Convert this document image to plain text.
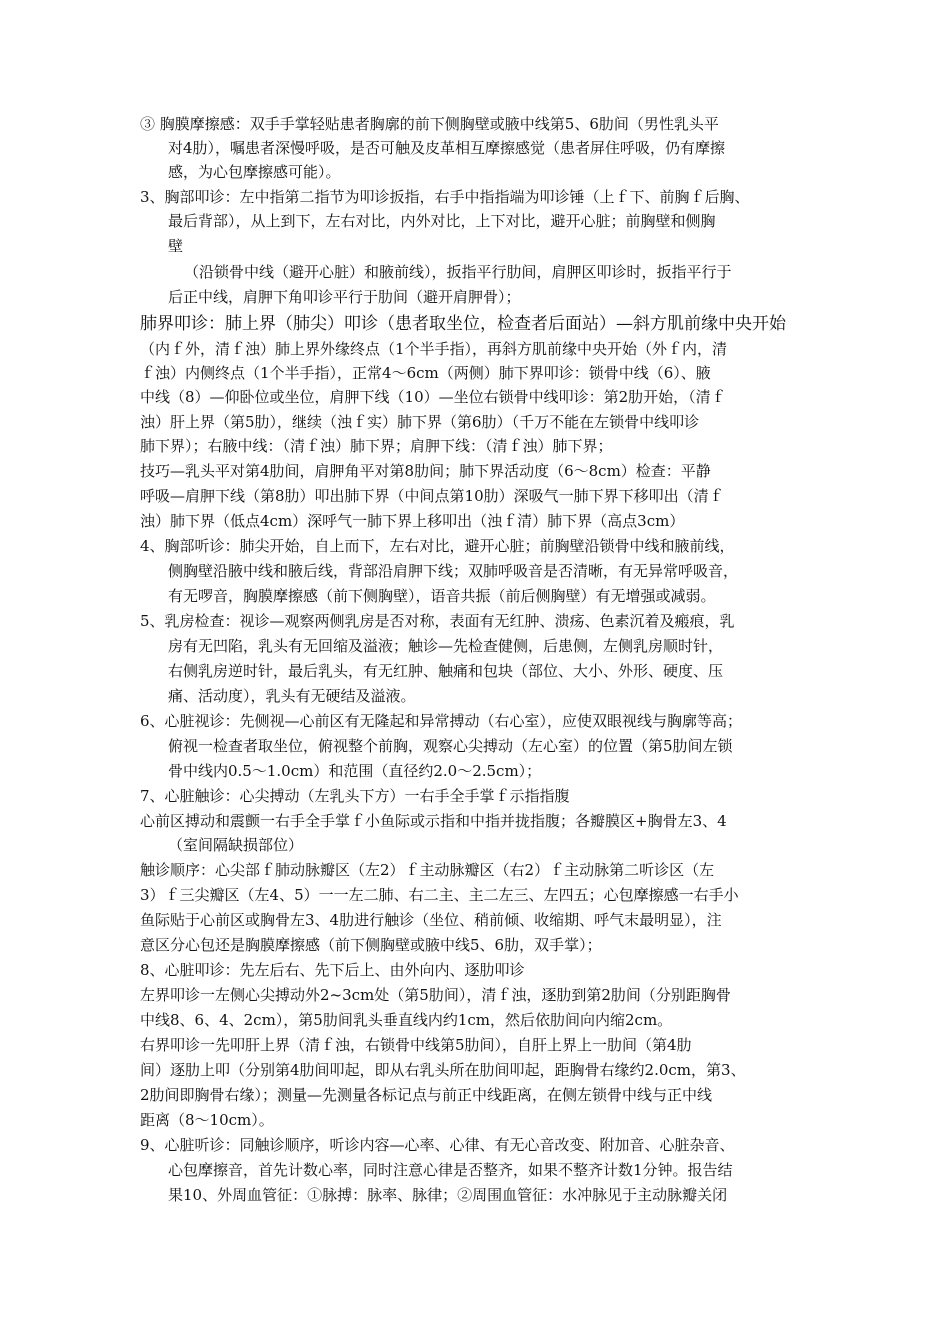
③ 胸膜摩擦感：双手手掌轻贴患者胸廓的前下侧胸壁或腋中线第5、6肋间（男性乳头平
对4肋），嘱患者深慢呼吸，是否可触及皮革相互摩擦感觉（患者屏住呼吸，仍有摩擦
感，为心包摩擦感可能）。
3、胸部叩诊：左中指第二指节为叩诊扳指，右手中指指端为叩诊锤（上ｆ下、前胸ｆ后胸、
最后背部），从上到下，左右对比，内外对比，上下对比，避开心脏；前胸壁和侧胸
壁
（沿锁骨中线（避开心脏）和腋前线），扳指平行肋间，肩胛区叩诊时，扳指平行于
后正中线，肩胛下角叩诊平行于肋间（避开肩胛骨）；
肺界叩诊：肺上界（肺尖）叩诊（患者取坐位，检查者后面站）—斜方肌前缘中央开始
（内ｆ外，清ｆ浊）肺上界外缘终点（1个半手指），再斜方肌前缘中央开始（外ｆ内，清
ｆ浊）内侧终点（1个半手指），正常4〜6cm（两侧）肺下界叩诊：锁骨中线（6）、腋
中线（8）—仰卧位或坐位，肩胛下线（10）—坐位右锁骨中线叩诊：第2肋开始，（清ｆ
浊）肝上界（第5肋），继续（浊ｆ实）肺下界（第6肋）（千万不能在左锁骨中线叩诊
肺下界）；右腋中线：（清ｆ浊）肺下界；肩胛下线：（清ｆ浊）肺下界；
技巧—乳头平对第4肋间，肩胛角平对第8肋间；肺下界活动度（6〜8cm）检查：平静
呼吸—肩胛下线（第8肋）叩出肺下界（中间点第10肋）深吸气一肺下界下移叩出（清ｆ
浊）肺下界（低点4cm）深呼气一肺下界上移叩出（浊ｆ清）肺下界（高点3cm）
4、胸部听诊：肺尖开始，自上而下，左右对比，避开心脏；前胸壁沿锁骨中线和腋前线，
侧胸壁沿腋中线和腋后线，背部沿肩胛下线；双肺呼吸音是否清晰，有无异常呼吸音，
有无啰音，胸膜摩擦感（前下侧胸壁），语音共振（前后侧胸壁）有无增强或减弱。
5、乳房检查：视诊—观察两侧乳房是否对称，表面有无红肿、溃疡、色素沉着及瘢痕，乳
房有无凹陷，乳头有无回缩及溢液；触诊—先检查健侧，后患侧，左侧乳房顺时针，
右侧乳房逆时针，最后乳头，有无红肿、触痛和包块（部位、大小、外形、硬度、压
痛、活动度），乳头有无硬结及溢液。
6、心脏视诊：先侧视—心前区有无隆起和异常搏动（右心室），应使双眼视线与胸廓等高；
俯视一检查者取坐位，俯视整个前胸，观察心尖搏动（左心室）的位置（第5肋间左锁
骨中线内0.5〜1.0cm）和范围（直径约2.0〜2.5cm）；
7、心脏触诊：心尖搏动（左乳头下方）一右手全手掌ｆ示指指腹
心前区搏动和震颤一右手全手掌ｆ小鱼际或示指和中指并拢指腹；各瓣膜区+胸骨左3、4
（室间隔缺损部位）
触诊顺序：心尖部ｆ肺动脉瓣区（左2）ｆ主动脉瓣区（右2）ｆ主动脉第二听诊区（左
3）ｆ三尖瓣区（左4、5）一一左二肺、右二主、主二左三、左四五；心包摩擦感一右手小
鱼际贴于心前区或胸骨左3、4肋进行触诊（坐位、稍前倾、收缩期、呼气末最明显），注
意区分心包还是胸膜摩擦感（前下侧胸壁或腋中线5、6肋，双手掌）；
8、心脏叩诊：先左后右、先下后上、由外向内、逐肋叩诊
左界叩诊一左侧心尖搏动外2~3cm处（第5肋间），清ｆ浊，逐肋到第2肋间（分别距胸骨
中线8、6、4、2cm），第5肋间乳头垂直线内约1cm，然后依肋间向内缩2cm。
右界叩诊一先叩肝上界（清ｆ浊，右锁骨中线第5肋间），自肝上界上一肋间（第4肋
间）逐肋上叩（分别第4肋间叩起，即从右乳头所在肋间叩起，距胸骨右缘约2.0cm，第3、
2肋间即胸骨右缘）；测量—先测量各标记点与前正中线距离，在侧左锁骨中线与正中线
距离（8〜10cm）。
9、心脏听诊：同触诊顺序，听诊内容—心率、心律、有无心音改变、附加音、心脏杂音、
心包摩擦音，首先计数心率，同时注意心律是否整齐，如果不整齐计数1分钟。报告结
果10、外周血管征：①脉搏：脉率、脉律；②周围血管征：水冲脉见于主动脉瓣关闭
